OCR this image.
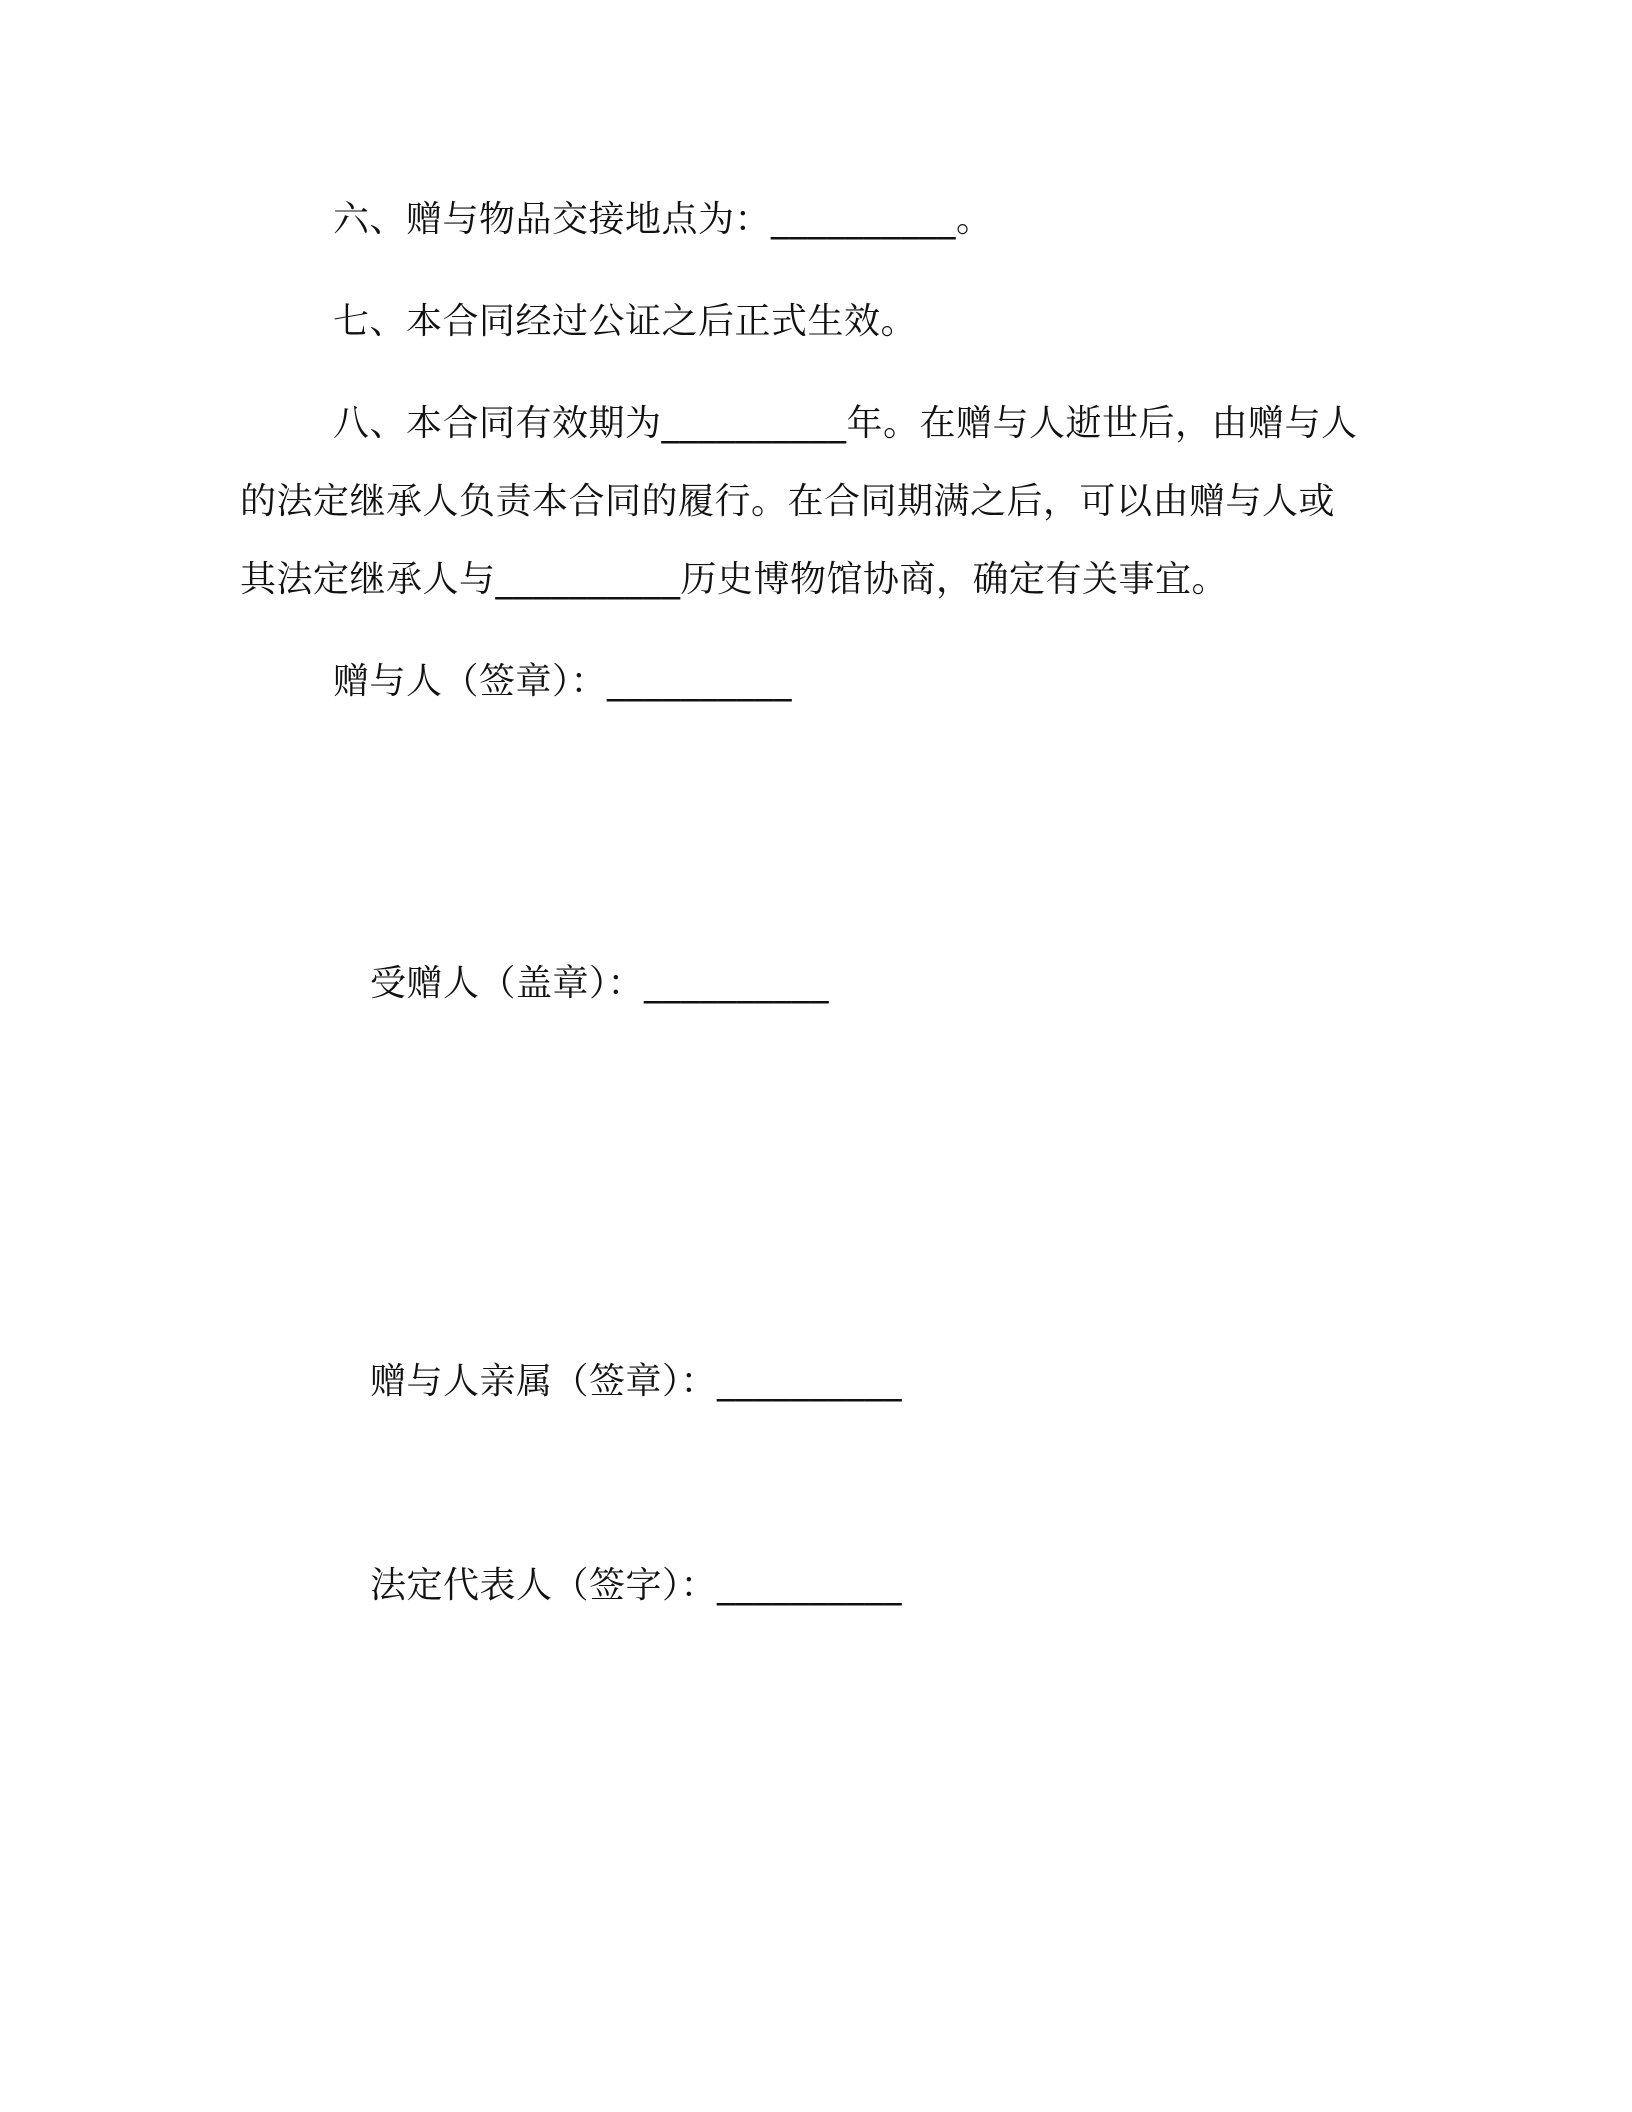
六、赠与物品交接地点为：__________。
七、本合同经过公证之后正式生效。
八、本合同有效期为__________年。在赠与人逝世后，由赠与人
的法定继承人负责本合同的履行。在合同期满之后，可以由赠与人或
其法定继承人与__________历史博物馆协商，确定有关事宜。
赠与人（签章）：__________
受赠人（盖章）：__________
赠与人亲属（签章）：__________
法定代表人（签字）：__________
